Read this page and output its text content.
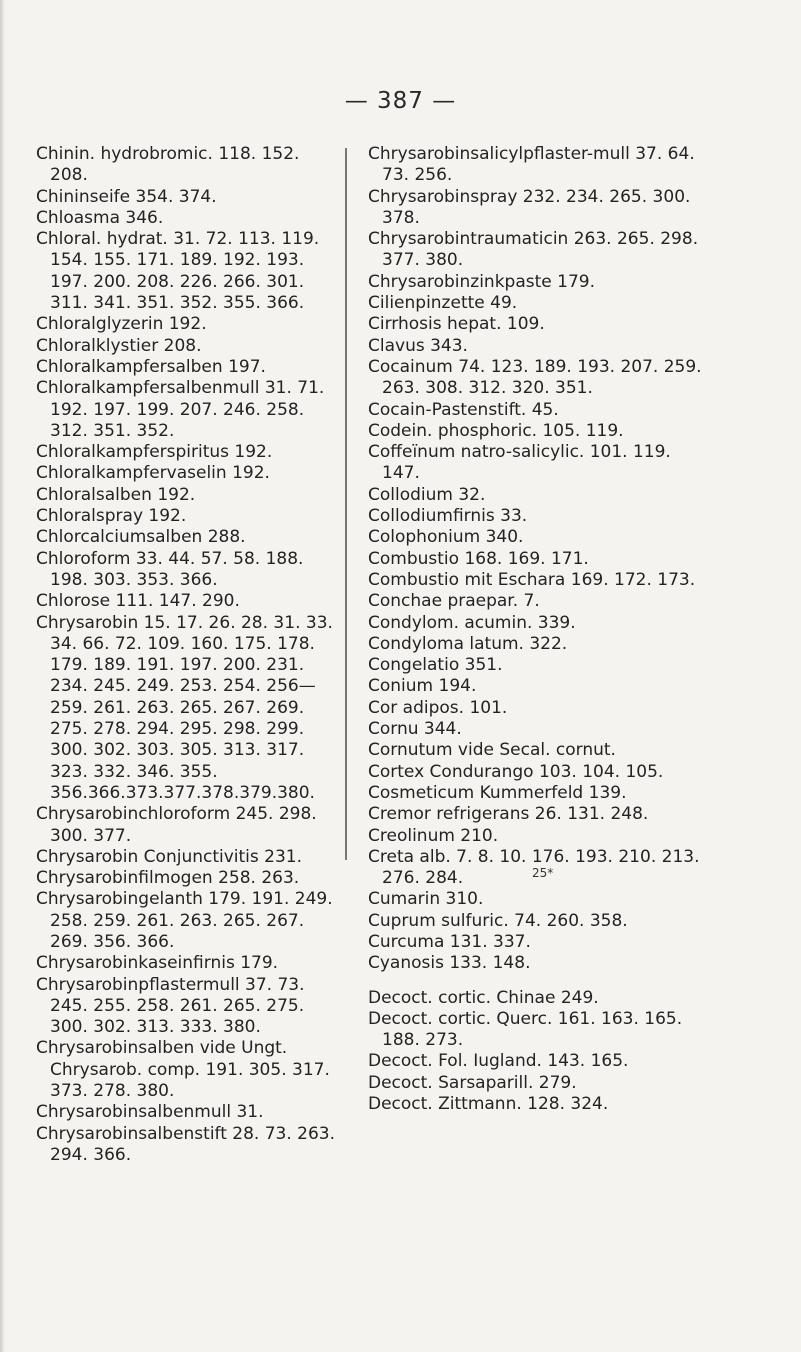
— 387 —
Chinin. hydrobromic. 118. 152. 208.
Chininseife 354. 374.
Chloasma 346.
Chloral. hydrat. 31. 72. 113. 119. 154. 155. 171. 189. 192. 193. 197. 200. 208. 226. 266. 301. 311. 341. 351. 352. 355. 366.
Chloralglyzerin 192.
Chloralklystier 208.
Chloralkampfersalben 197.
Chloralkampfersalbenmull 31. 71. 192. 197. 199. 207. 246. 258. 312. 351. 352.
Chloralkampferspiritus 192.
Chloralkampfervaselin 192.
Chloralsalben 192.
Chloralspray 192.
Chlorcalciumsalben 288.
Chloroform 33. 44. 57. 58. 188. 198. 303. 353. 366.
Chlorose 111. 147. 290.
Chrysarobin 15. 17. 26. 28. 31. 33. 34. 66. 72. 109. 160. 175. 178. 179. 189. 191. 197. 200. 231. 234. 245. 249. 253. 254. 256—259. 261. 263. 265. 267. 269. 275. 278. 294. 295. 298. 299. 300. 302. 303. 305. 313. 317. 323. 332. 346. 355. 356.366.373.377.378.379.380.
Chrysarobinchloroform 245. 298. 300. 377.
Chrysarobin Conjunctivitis 231.
Chrysarobinfilmogen 258. 263.
Chrysarobingelanth 179. 191. 249. 258. 259. 261. 263. 265. 267. 269. 356. 366.
Chrysarobinkaseinfirnis 179.
Chrysarobinpflastermull 37. 73. 245. 255. 258. 261. 265. 275. 300. 302. 313. 333. 380.
Chrysarobinsalben vide Ungt. Chrysarob. comp. 191. 305. 317. 373. 278. 380.
Chrysarobinsalbenmull 31.
Chrysarobinsalbenstift 28. 73. 263. 294. 366.
Chrysarobinsalicylpflaster-mull 37. 64. 73. 256.
Chrysarobinspray 232. 234. 265. 300. 378.
Chrysarobintraumaticin 263. 265. 298. 377. 380.
Chrysarobinzinkpaste 179.
Cilienpinzette 49.
Cirrhosis hepat. 109.
Clavus 343.
Cocainum 74. 123. 189. 193. 207. 259. 263. 308. 312. 320. 351.
Cocain-Pastenstift. 45.
Codein. phosphoric. 105. 119.
Coffeïnum natro-salicylic. 101. 119. 147.
Collodium 32.
Collodiumfirnis 33.
Colophonium 340.
Combustio 168. 169. 171.
Combustio mit Eschara 169. 172. 173.
Conchae praepar. 7.
Condylom. acumin. 339.
Condyloma latum. 322.
Congelatio 351.
Conium 194.
Cor adipos. 101.
Cornu 344.
Cornutum vide Secal. cornut.
Cortex Condurango 103. 104. 105.
Cosmeticum Kummerfeld 139.
Cremor refrigerans 26. 131. 248.
Creolinum 210.
Creta alb. 7. 8. 10. 176. 193. 210. 213. 276. 284.
Cumarin 310.
Cuprum sulfuric. 74. 260. 358.
Curcuma 131. 337.
Cyanosis 133. 148.
Decoct. cortic. Chinae 249.
Decoct. cortic. Querc. 161. 163. 165. 188. 273.
Decoct. Fol. Iugland. 143. 165.
Decoct. Sarsaparill. 279.
Decoct. Zittmann. 128. 324.
25*
